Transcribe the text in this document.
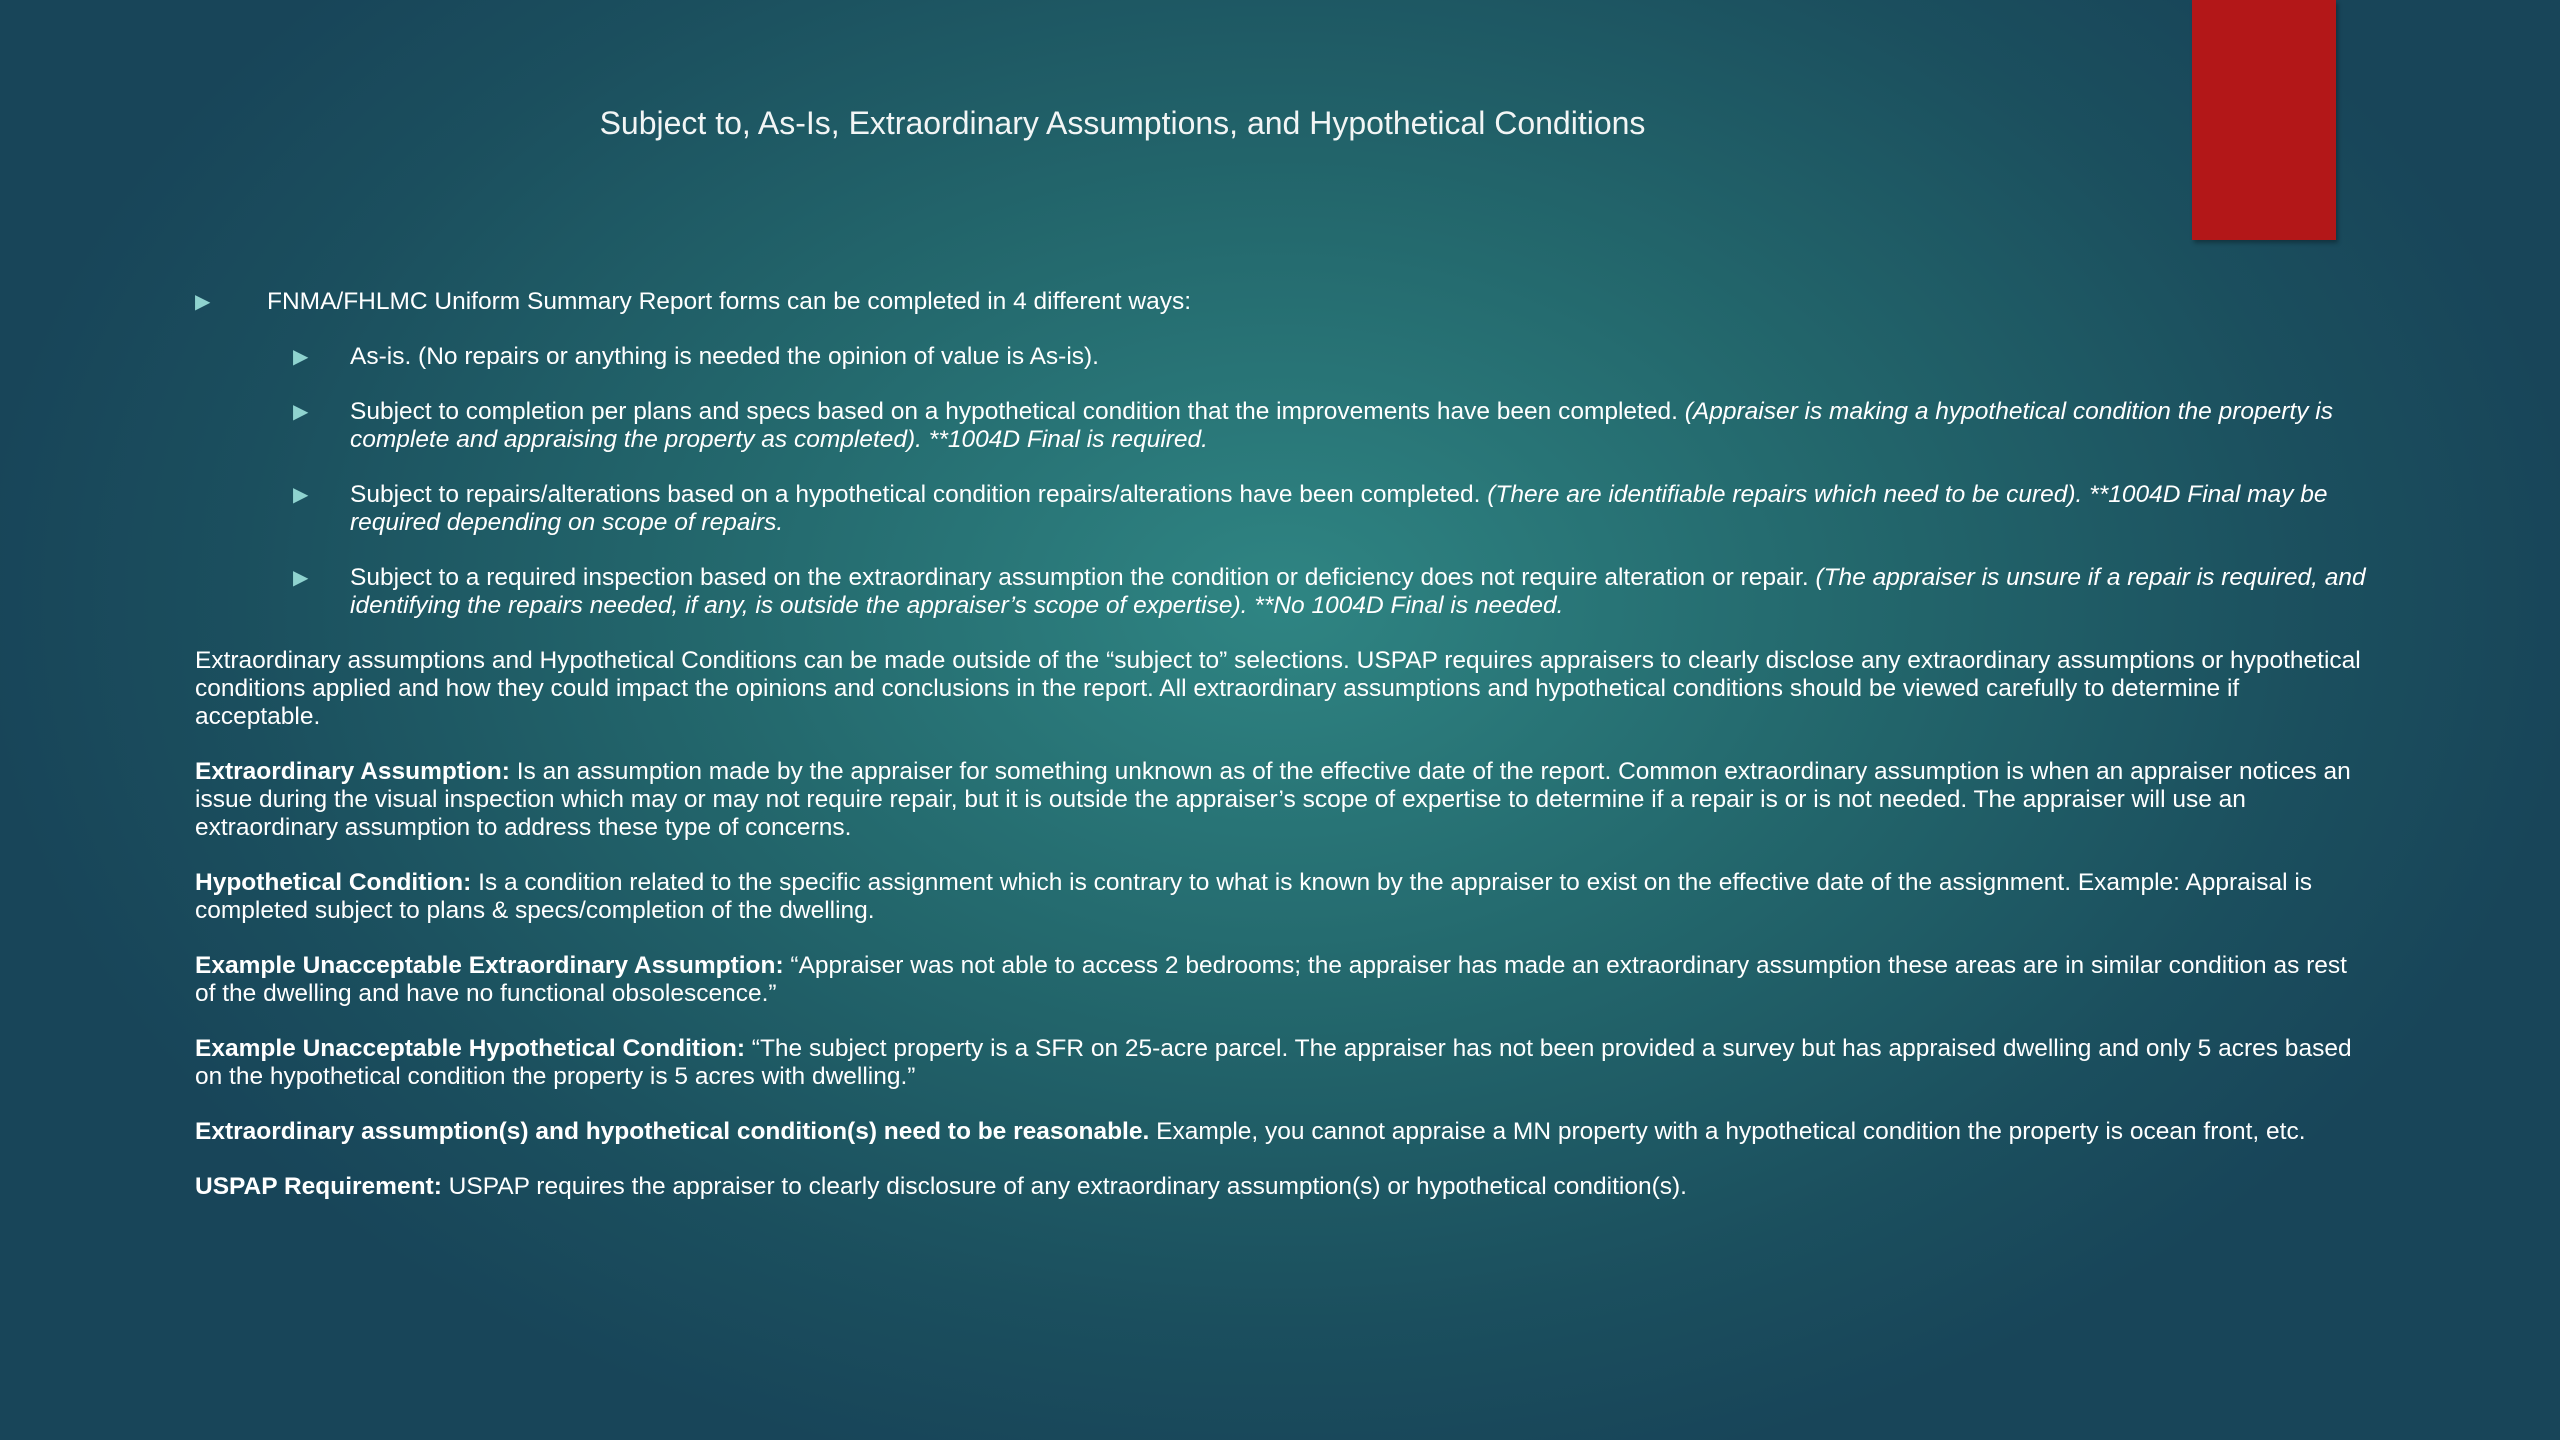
Subject to, As-Is, Extraordinary Assumptions, and Hypothetical Conditions
▶ FNMA/FHLMC Uniform Summary Report forms can be completed in 4 different ways:
▶ As-is. (No repairs or anything is needed the opinion of value is As-is).
▶ Subject to completion per plans and specs based on a hypothetical condition that the improvements have been completed. (Appraiser is making a hypothetical condition the property is complete and appraising the property as completed). **1004D Final is required.
▶ Subject to repairs/alterations based on a hypothetical condition repairs/alterations have been completed. (There are identifiable repairs which need to be cured). **1004D Final may be required depending on scope of repairs.
▶ Subject to a required inspection based on the extraordinary assumption the condition or deficiency does not require alteration or repair. (The appraiser is unsure if a repair is required, and identifying the repairs needed, if any, is outside the appraiser’s scope of expertise). **No 1004D Final is needed.

Extraordinary assumptions and Hypothetical Conditions can be made outside of the “subject to” selections. USPAP requires appraisers to clearly disclose any extraordinary assumptions or hypothetical conditions applied and how they could impact the opinions and conclusions in the report. All extraordinary assumptions and hypothetical conditions should be viewed carefully to determine if acceptable.

Extraordinary Assumption: Is an assumption made by the appraiser for something unknown as of the effective date of the report. Common extraordinary assumption is when an appraiser notices an issue during the visual inspection which may or may not require repair, but it is outside the appraiser’s scope of expertise to determine if a repair is or is not needed. The appraiser will use an extraordinary assumption to address these type of concerns.

Hypothetical Condition: Is a condition related to the specific assignment which is contrary to what is known by the appraiser to exist on the effective date of the assignment. Example: Appraisal is completed subject to plans & specs/completion of the dwelling.

Example Unacceptable Extraordinary Assumption: “Appraiser was not able to access 2 bedrooms; the appraiser has made an extraordinary assumption these areas are in similar condition as rest of the dwelling and have no functional obsolescence.”

Example Unacceptable Hypothetical Condition: “The subject property is a SFR on 25-acre parcel. The appraiser has not been provided a survey but has appraised dwelling and only 5 acres based on the hypothetical condition the property is 5 acres with dwelling.”

Extraordinary assumption(s) and hypothetical condition(s) need to be reasonable. Example, you cannot appraise a MN property with a hypothetical condition the property is ocean front, etc.

USPAP Requirement: USPAP requires the appraiser to clearly disclosure of any extraordinary assumption(s) or hypothetical condition(s).
